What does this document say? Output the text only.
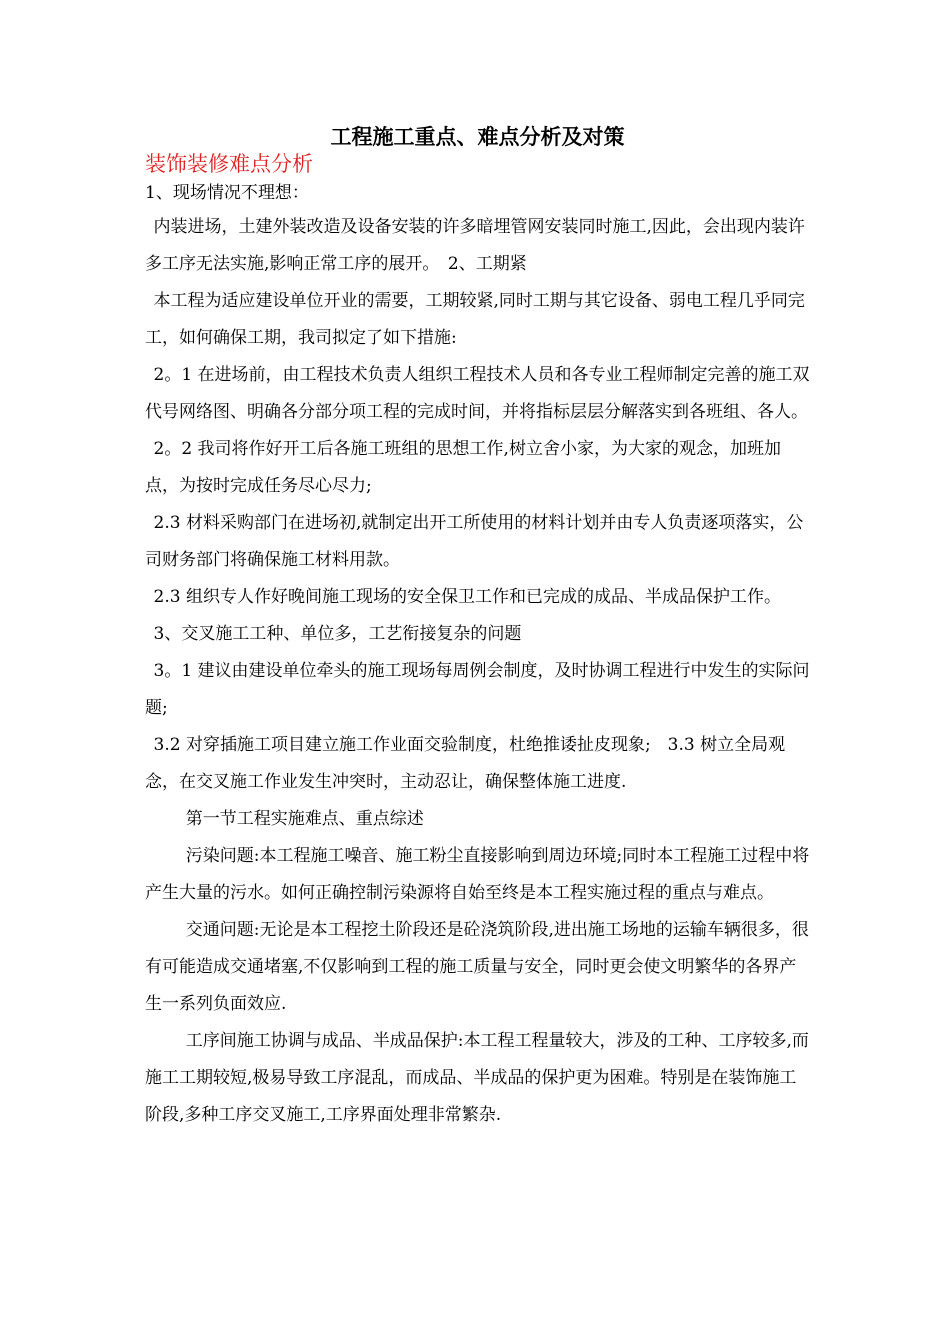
工程施工重点、难点分析及对策
装饰装修难点分析

1、现场情况不理想：

内装进场，土建外装改造及设备安装的许多暗埋管网安装同时施工,因此，会出现内装许多工序无法实施,影响正常工序的展开。　2、工期紧

本工程为适应建设单位开业的需要，工期较紧,同时工期与其它设备、弱电工程几乎同完工，如何确保工期，我司拟定了如下措施:

2。1 在进场前，由工程技术负责人组织工程技术人员和各专业工程师制定完善的施工双代号网络图、明确各分部分项工程的完成时间，并将指标层层分解落实到各班组、各人。

2。2 我司将作好开工后各施工班组的思想工作,树立舍小家，为大家的观念，加班加点，为按时完成任务尽心尽力;

2.3 材料采购部门在进场初,就制定出开工所使用的材料计划并由专人负责逐项落实，公司财务部门将确保施工材料用款。

2.3 组织专人作好晚间施工现场的安全保卫工作和已完成的成品、半成品保护工作。

3、交叉施工工种、单位多，工艺衔接复杂的问题

3。1 建议由建设单位牵头的施工现场每周例会制度，及时协调工程进行中发生的实际问题;

3.2 对穿插施工项目建立施工作业面交验制度，杜绝推诿扯皮现象;　3.3 树立全局观念，在交叉施工作业发生冲突时，主动忍让，确保整体施工进度.

第一节工程实施难点、重点综述

污染问题:本工程施工噪音、施工粉尘直接影响到周边环境;同时本工程施工过程中将产生大量的污水。如何正确控制污染源将自始至终是本工程实施过程的重点与难点。

交通问题:无论是本工程挖土阶段还是砼浇筑阶段,进出施工场地的运输车辆很多，很有可能造成交通堵塞,不仅影响到工程的施工质量与安全，同时更会使文明繁华的各界产生一系列负面效应.

工序间施工协调与成品、半成品保护:本工程工程量较大，涉及的工种、工序较多,而施工工期较短,极易导致工序混乱，而成品、半成品的保护更为困难。特别是在装饰施工阶段,多种工序交叉施工,工序界面处理非常繁杂.
